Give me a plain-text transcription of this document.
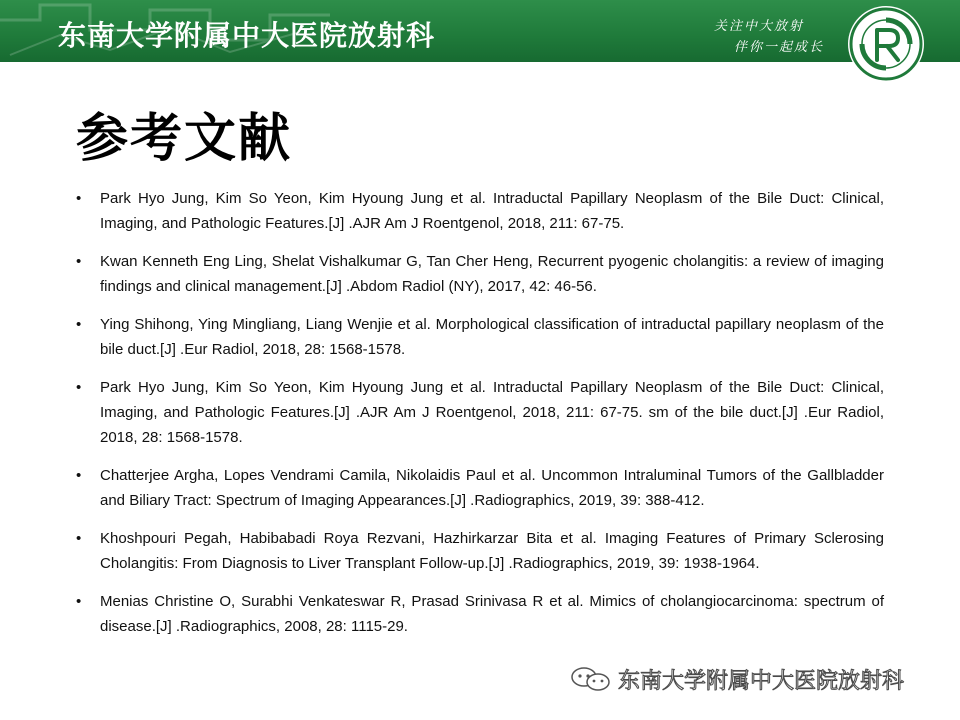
东南大学附属中大医院放射科	关注中大放射
伴你一起成长
参考文献
• Park Hyo Jung, Kim So Yeon, Kim Hyoung Jung et al. Intraductal Papillary Neoplasm of the Bile Duct: Clinical, Imaging, and Pathologic Features.[J] .AJR Am J Roentgenol, 2018, 211: 67-75.
• Kwan Kenneth Eng Ling, Shelat Vishalkumar G, Tan Cher Heng, Recurrent pyogenic cholangitis: a review of imaging findings and clinical management.[J] .Abdom Radiol (NY), 2017, 42: 46-56.
• Ying Shihong, Ying Mingliang, Liang Wenjie et al. Morphological classification of intraductal papillary neoplasm of the bile duct.[J] .Eur Radiol, 2018, 28: 1568-1578.
• Park Hyo Jung, Kim So Yeon, Kim Hyoung Jung et al. Intraductal Papillary Neoplasm of the Bile Duct: Clinical, Imaging, and Pathologic Features.[J] .AJR Am J Roentgenol, 2018, 211: 67-75. sm of the bile duct.[J] .Eur Radiol, 2018, 28: 1568-1578.
• Chatterjee Argha, Lopes Vendrami Camila, Nikolaidis Paul et al. Uncommon Intraluminal Tumors of the Gallbladder and Biliary Tract: Spectrum of Imaging Appearances.[J] .Radiographics, 2019, 39: 388-412.
• Khoshpouri Pegah, Habibabadi Roya Rezvani, Hazhirkarzar Bita et al. Imaging Features of Primary Sclerosing Cholangitis: From Diagnosis to Liver Transplant Follow-up.[J] .Radiographics, 2019, 39: 1938-1964.
• Menias Christine O, Surabhi Venkateswar R, Prasad Srinivasa R et al. Mimics of cholangiocarcinoma: spectrum of disease.[J] .Radiographics, 2008, 28: 1115-29.
东南大学附属中大医院放射科
